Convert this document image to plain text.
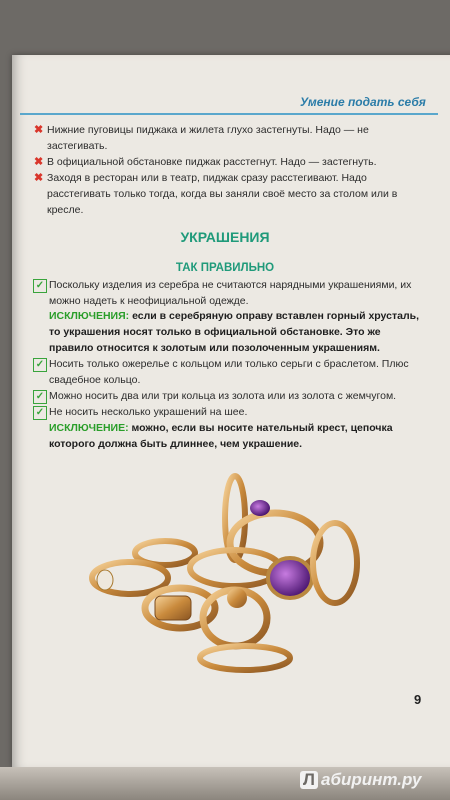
Умение подать себя
✖ Нижние пуговицы пиджака и жилета глухо застегнуты. Надо — не застегивать.
✖ В официальной обстановке пиджак расстегнут. Надо — застегнуть.
✖ Заходя в ресторан или в театр, пиджак сразу расстегивают. Надо расстегивать только тогда, когда вы заняли своё место за столом или в кресле.
УКРАШЕНИЯ
ТАК ПРАВИЛЬНО
✓ Поскольку изделия из серебра не считаются нарядными украшениями, их можно надеть к неофициальной одежде.
ИСКЛЮЧЕНИЯ: если в серебряную оправу вставлен горный хрусталь, то украшения носят только в официальной обстановке. Это же правило относится к золотым или позолоченным украшениям.
✓ Носить только ожерелье с кольцом или только серьги с браслетом. Плюс свадебное кольцо.
✓ Можно носить два или три кольца из золота или из золота с жемчугом.
✓ Не носить несколько украшений на шее.
ИСКЛЮЧЕНИЕ: можно, если вы носите нательный крест, цепочка которого должна быть длиннее, чем украшение.
9
Л абиринт.ру
